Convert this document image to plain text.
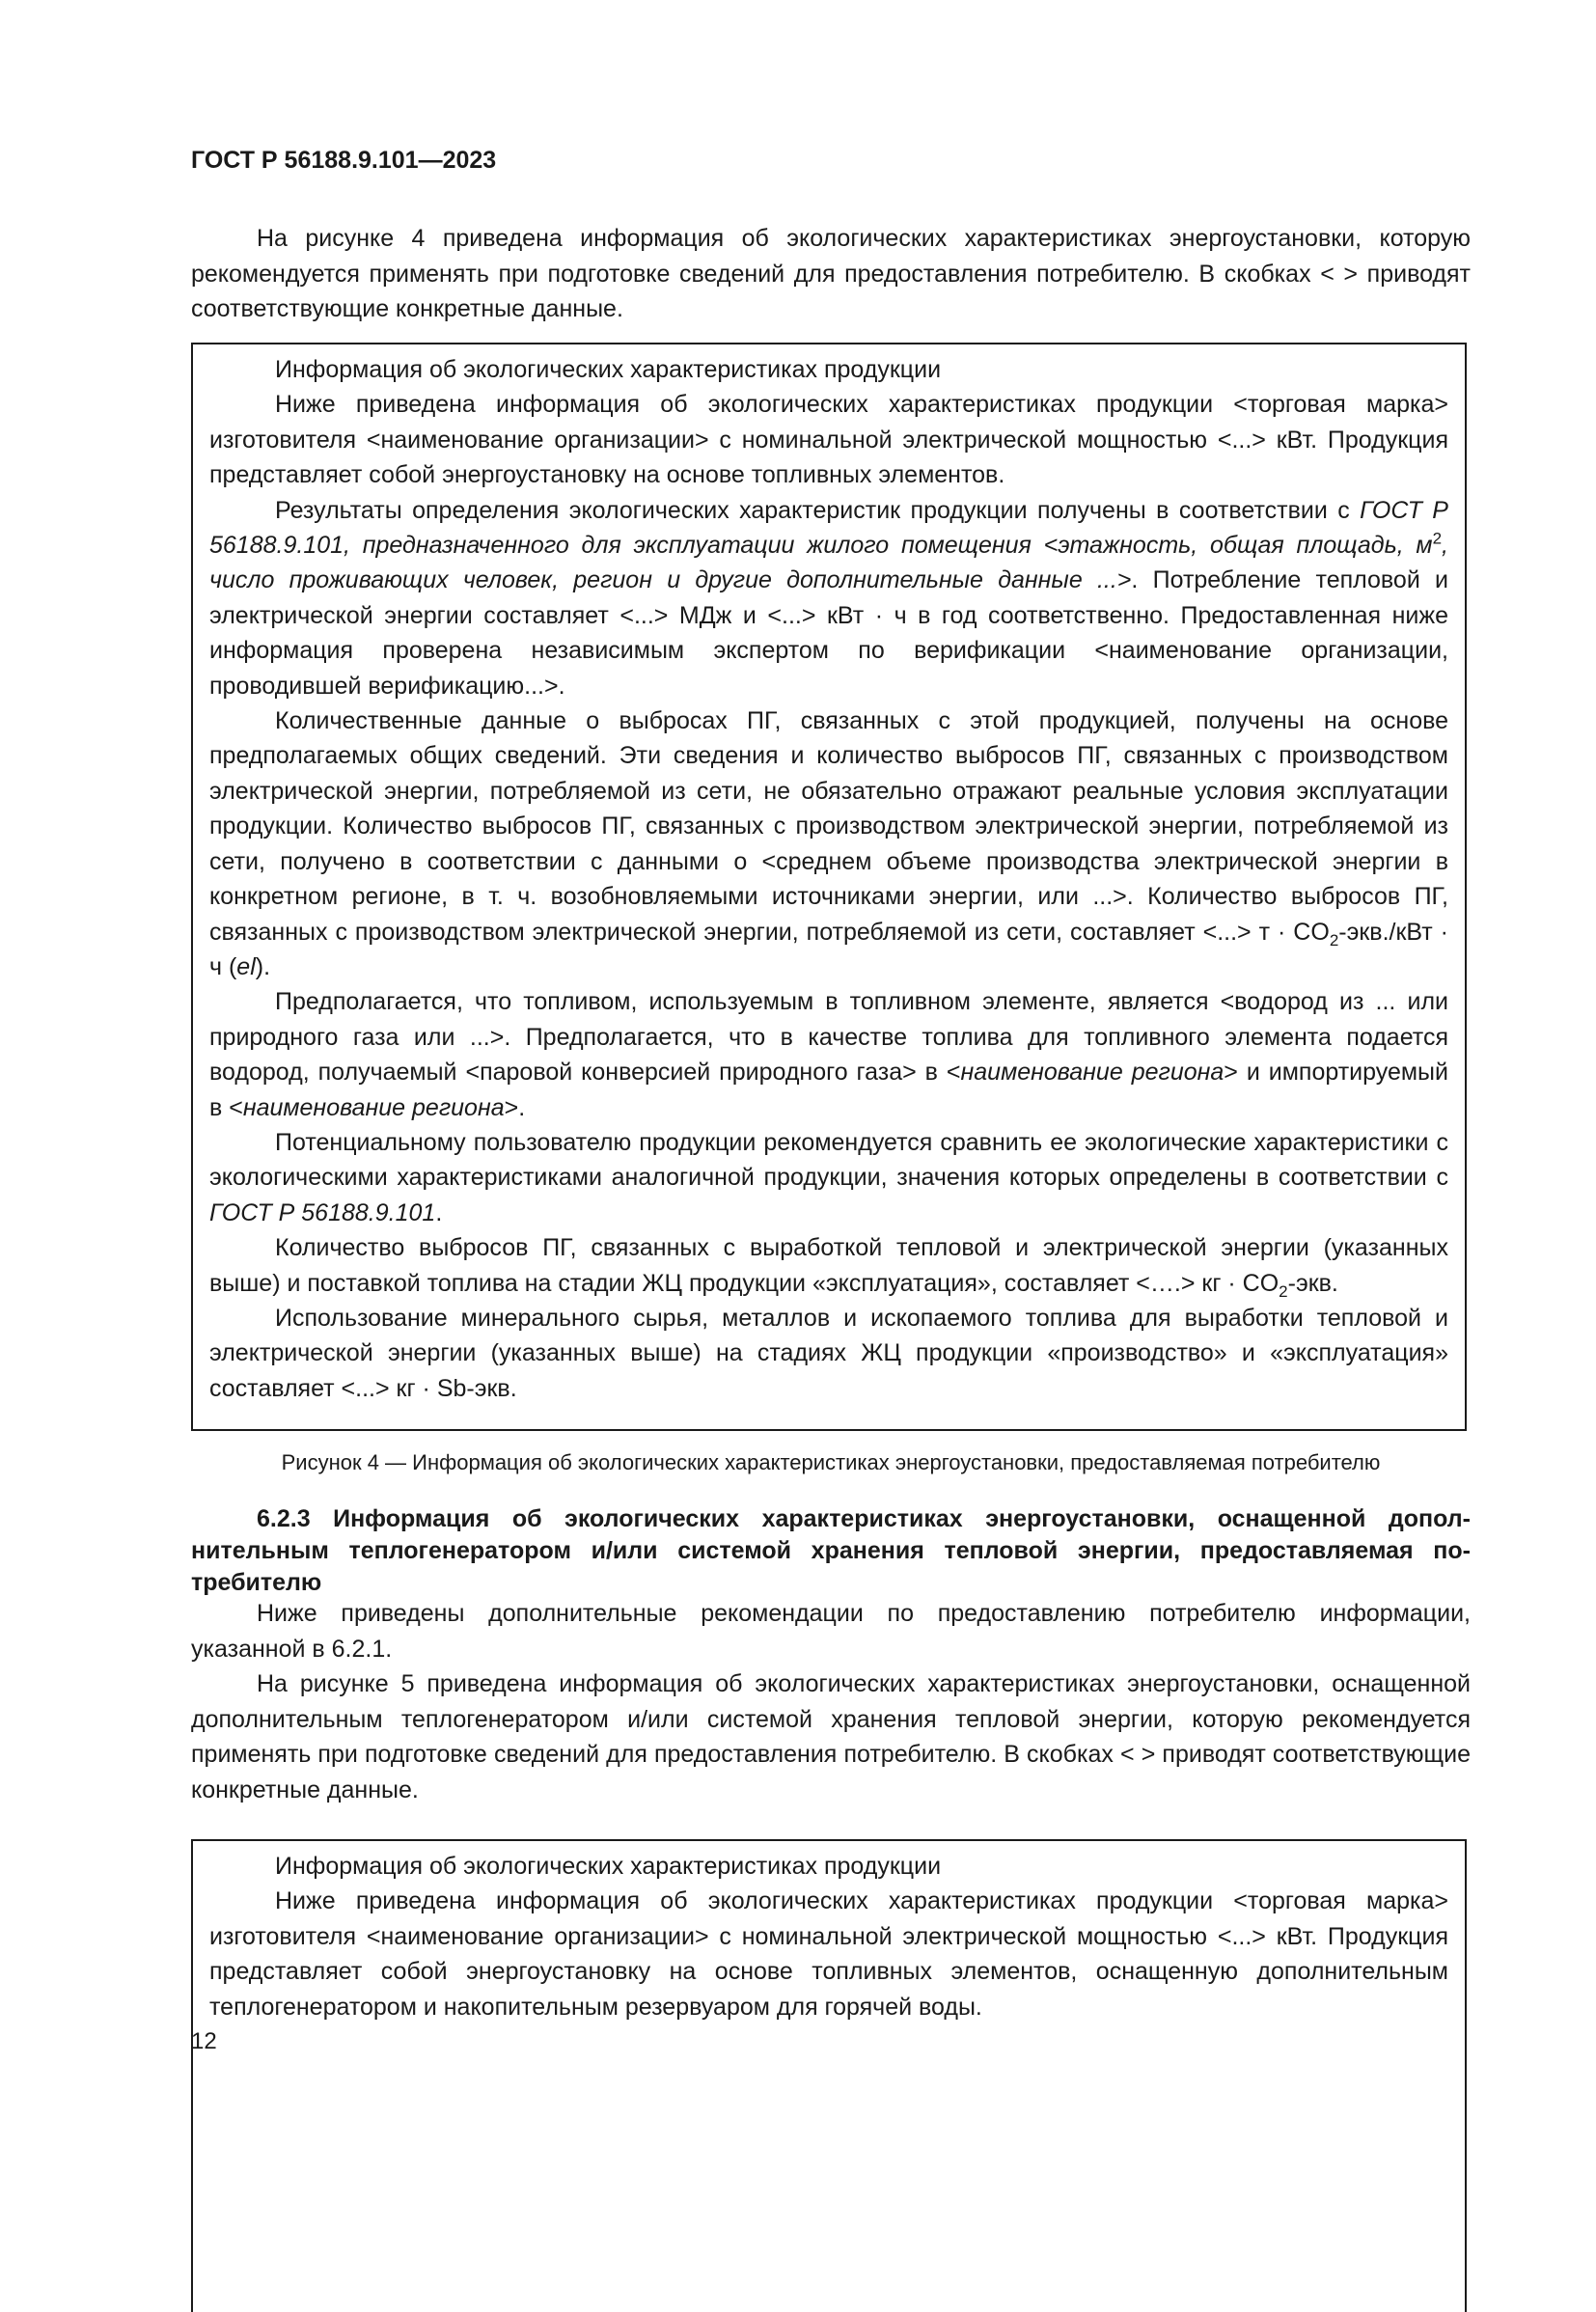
ГОСТ Р 56188.9.101—2023

На рисунке 4 приведена информация об экологических характеристиках энергоустановки, которую рекомендуется применять при подготовке сведений для предоставления потребителю. В скобках < > приводят соответствующие конкретные данные.

Информация об экологических характеристиках продукции

Ниже приведена информация об экологических характеристиках продукции <торговая марка> изготовителя <наименование организации> с номинальной электрической мощностью <...> кВт. Продукция представляет собой энергоустановку на основе топливных элементов.

Результаты определения экологических характеристик продукции получены в соответствии с ГОСТ Р 56188.9.101, предназначенного для эксплуатации жилого помещения <этажность, общая площадь, $м^2$, число проживающих человек, регион и другие дополнительные данные ...>. Потребление тепловой и электрической энергии составляет <...> МДж и <...> кВт · ч в год соответственно. Предоставленная ниже информация проверена независимым экспертом по верификации <наименование организации, проводившей верификацию...>.

Количественные данные о выбросах ПГ, связанных с этой продукцией, получены на основе предполагаемых общих сведений. Эти сведения и количество выбросов ПГ, связанных с производством электрической энергии, потребляемой из сети, не обязательно отражают реальные условия эксплуатации продукции. Количество выбросов ПГ, связанных с производством электрической энергии, потребляемой из сети, получено в соответствии с данными о <среднем объеме производства электрической энергии в конкретном регионе, в т. ч. возобновляемыми источниками энергии, или ...>. Количество выбросов ПГ, связанных с производством электрической энергии, потребляемой из сети, составляет <...> $т \cdot CO_2-экв$./кВт · ч (el).

Предполагается, что топливом, используемым в топливном элементе, является <водород из ... или природного газа или ...>. Предполагается, что в качестве топлива для топливного элемента подается водород, получаемый <паровой конверсией природного газа> в <наименование региона> и импортируемый в <наименование региона>.

Потенциальному пользователю продукции рекомендуется сравнить ее экологические характеристики с экологическими характеристиками аналогичной продукции, значения которых определены в соответствии с ГОСТ Р 56188.9.101.

Количество выбросов ПГ, связанных с выработкой тепловой и электрической энергии (указанных выше) и поставкой топлива на стадии ЖЦ продукции «эксплуатация», составляет <….> кг · $CO_2$-экв.

Использование минерального сырья, металлов и ископаемого топлива для выработки тепловой и электрической энергии (указанных выше) на стадиях ЖЦ продукции «производство» и «эксплуатация» составляет <...> кг · Sb-экв.

Рисунок 4 — Информация об экологических характеристиках энергоустановки, предоставляемая потребителю

6.2.3 Информация об экологических характеристиках энергоустановки, оснащенной дополнительным теплогенератором и/или системой хранения тепловой энергии, предоставляемая потребителю

Ниже приведены дополнительные рекомендации по предоставлению потребителю информации, указанной в 6.2.1.

На рисунке 5 приведена информация об экологических характеристиках энергоустановки, оснащенной дополнительным теплогенератором и/или системой хранения тепловой энергии, которую рекомендуется применять при подготовке сведений для предоставления потребителю. В скобках < > приводят соответствующие конкретные данные.

Информация об экологических характеристиках продукции

Ниже приведена информация об экологических характеристиках продукции <торговая марка> изготовителя <наименование организации> с номинальной электрической мощностью <...> кВт. Продукция представляет собой энергоустановку на основе топливных элементов, оснащенную дополнительным теплогенератором и накопительным резервуаром для горячей воды.

12
